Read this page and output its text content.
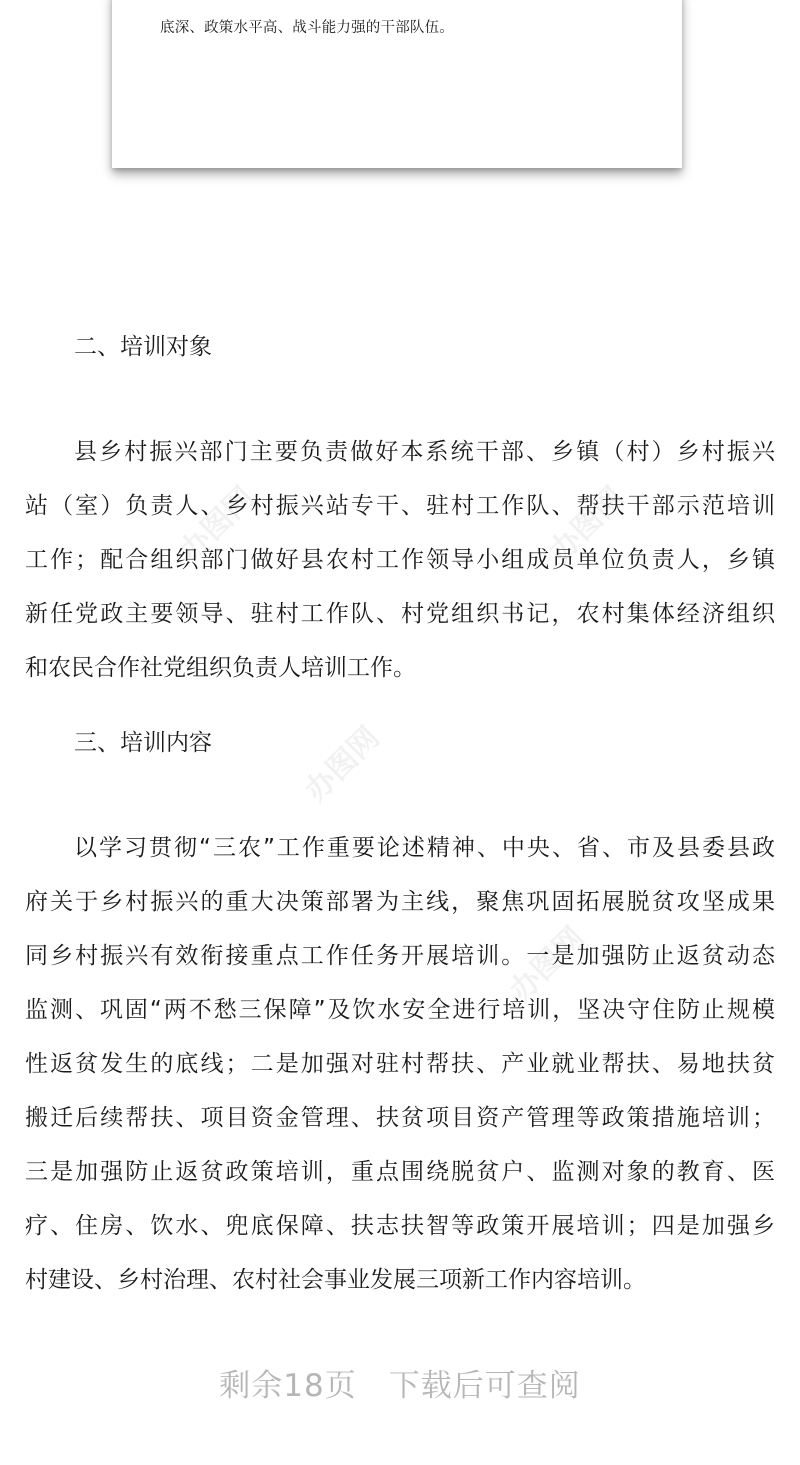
底深、政策水平高、战斗能力强的干部队伍。
办图网	办图网
办图网
办图网
二、培训对象
县乡村振兴部门主要负责做好本系统干部、乡镇（村）乡村振兴
站（室）负责人、乡村振兴站专干、驻村工作队、帮扶干部示范培训
工作；配合组织部门做好县农村工作领导小组成员单位负责人，乡镇
新任党政主要领导、驻村工作队、村党组织书记，农村集体经济组织
和农民合作社党组织负责人培训工作。
三、培训内容
以学习贯彻“三农”工作重要论述精神、中央、省、市及县委县政
府关于乡村振兴的重大决策部署为主线，聚焦巩固拓展脱贫攻坚成果
同乡村振兴有效衔接重点工作任务开展培训。一是加强防止返贫动态
监测、巩固“两不愁三保障”及饮水安全进行培训，坚决守住防止规模
性返贫发生的底线；二是加强对驻村帮扶、产业就业帮扶、易地扶贫
搬迁后续帮扶、项目资金管理、扶贫项目资产管理等政策措施培训；
三是加强防止返贫政策培训，重点围绕脱贫户、监测对象的教育、医
疗、住房、饮水、兜底保障、扶志扶智等政策开展培训；四是加强乡
村建设、乡村治理、农村社会事业发展三项新工作内容培训。
剩余18页　下载后可查阅
